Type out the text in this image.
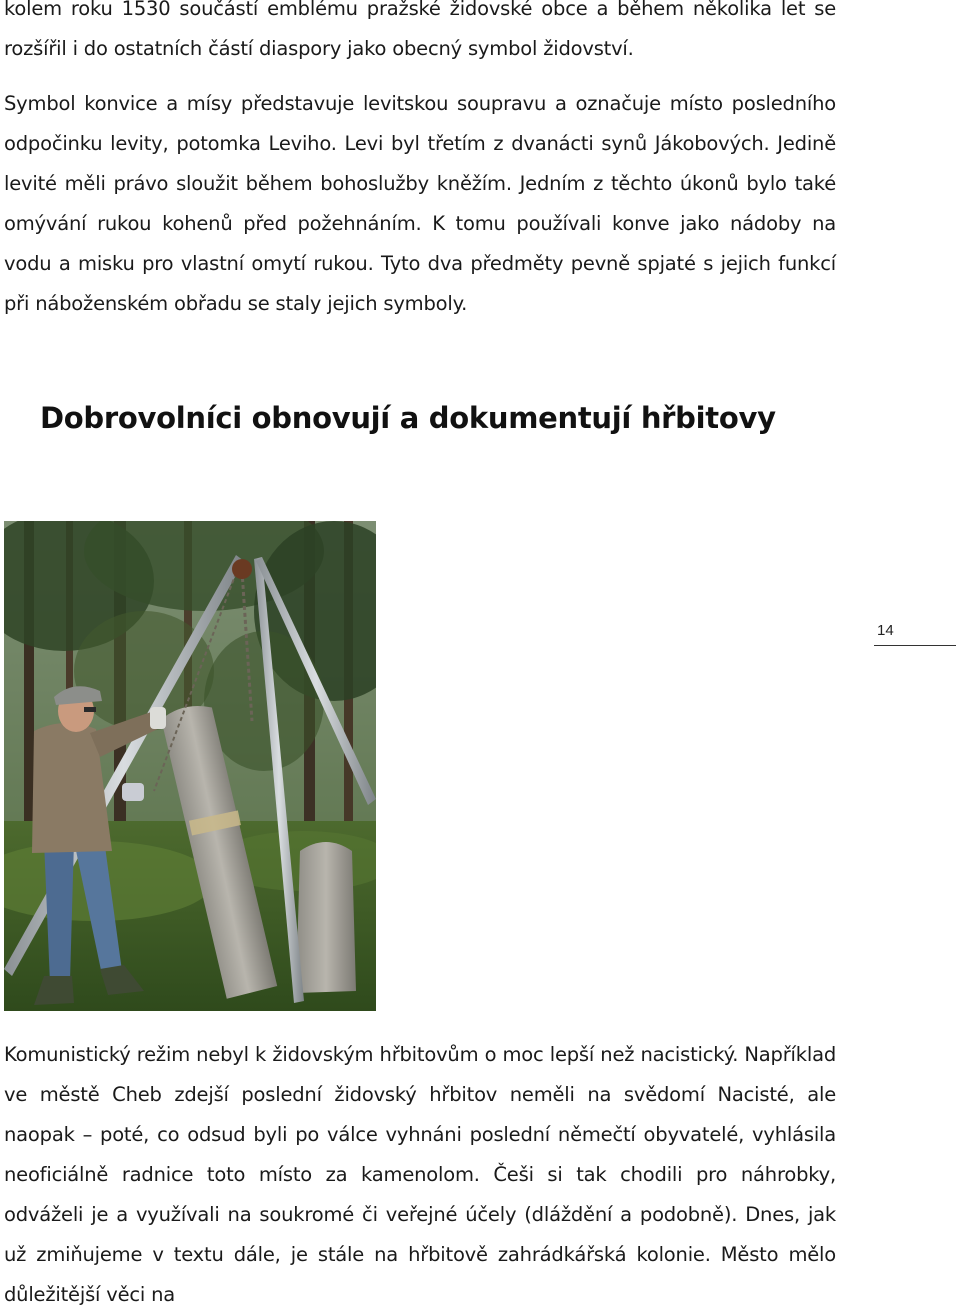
kolem roku 1530 součástí emblému pražské židovské obce a během několika let se rozšířil i do ostatních částí diaspory jako obecný symbol židovství.

Symbol konvice a mísy představuje levitskou soupravu a označuje místo posledního odpočinku levity, potomka Leviho. Levi byl třetím z dvanácti synů Jákobových. Jedině levité měli právo sloužit během bohoslužby kněžím. Jedním z těchto úkonů bylo také omývání rukou kohenů před požehnáním. K tomu používali konve jako nádoby na vodu a misku pro vlastní omytí rukou. Tyto dva předměty pevně spjaté s jejich funkcí při náboženském obřadu se staly jejich symboly.

Dobrovolníci obnovují a dokumentují hřbitovy
14

Komunistický režim nebyl k židovským hřbitovům o moc lepší než nacistický. Například ve městě Cheb zdejší poslední židovský hřbitov neměli na svědomí Nacisté, ale naopak – poté, co odsud byli po válce vyhnáni poslední němečtí obyvatelé, vyhlásila neoficiálně radnice toto místo za kamenolom. Češi si tak chodili pro náhrobky, odváželi je a využívali na soukromé či veřejné účely (dláždění a podobně). Dnes, jak už zmiňujeme v textu dále, je stále na hřbitově zahrádkářská kolonie. Město mělo důležitější věci na
